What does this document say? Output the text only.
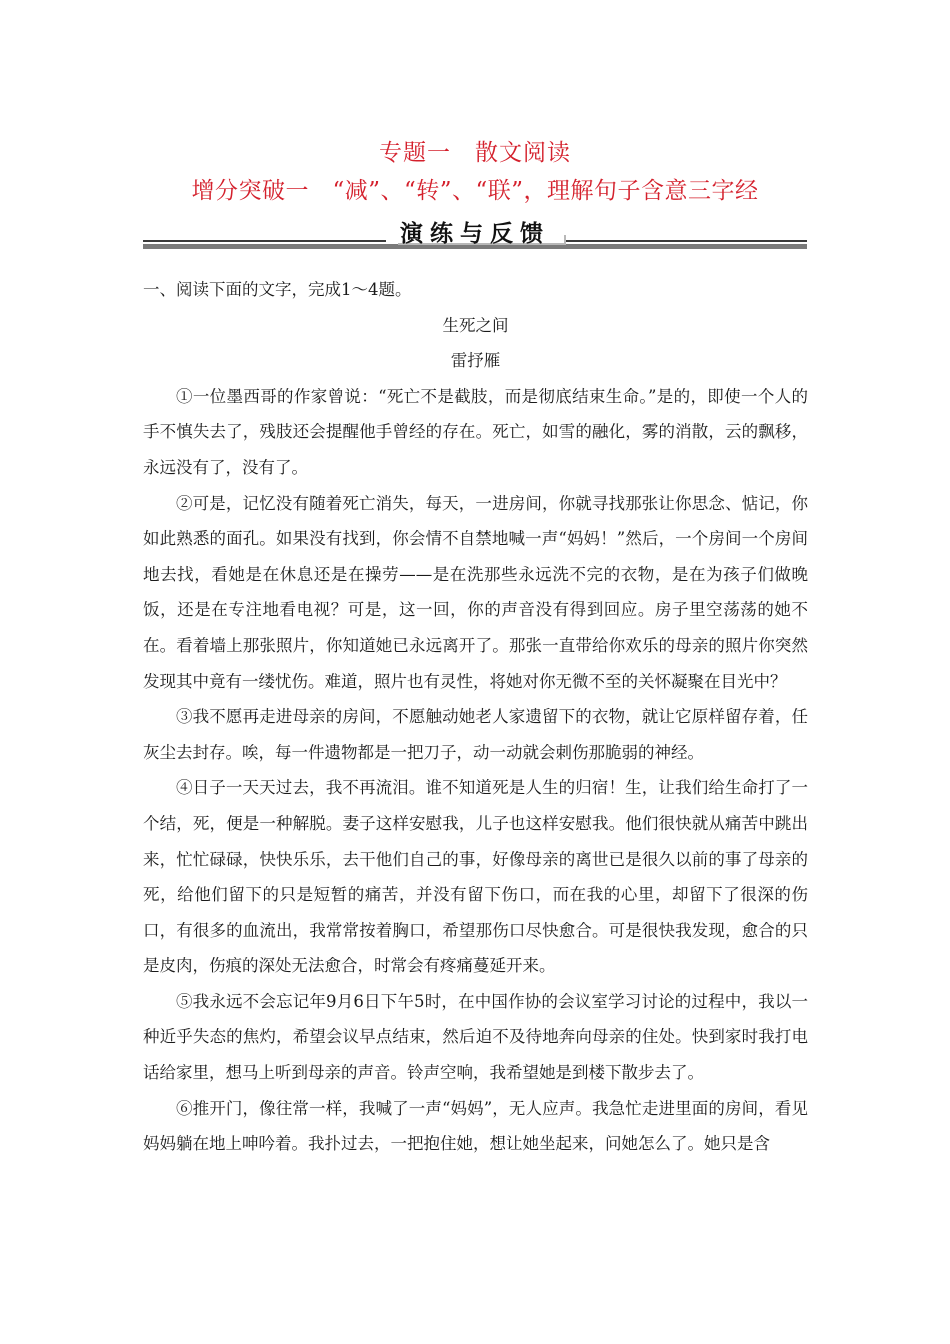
专题一　散文阅读
增分突破一　“减”、“转”、“联”，理解句子含意三字经
演练与反馈

一、阅读下面的文字，完成1～4题。

生死之间

雷抒雁

①一位墨西哥的作家曾说：“死亡不是截肢，而是彻底结束生命。”是的，即使一个人的手不慎失去了，残肢还会提醒他手曾经的存在。死亡，如雪的融化，雾的消散，云的飘移，永远没有了，没有了。

②可是，记忆没有随着死亡消失，每天，一进房间，你就寻找那张让你思念、惦记，你如此熟悉的面孔。如果没有找到，你会情不自禁地喊一声“妈妈！”然后，一个房间一个房间地去找，看她是在休息还是在操劳——是在洗那些永远洗不完的衣物，是在为孩子们做晚饭，还是在专注地看电视？可是，这一回，你的声音没有得到回应。房子里空荡荡的她不在。看着墙上那张照片，你知道她已永远离开了。那张一直带给你欢乐的母亲的照片你突然发现其中竟有一缕忧伤。难道，照片也有灵性，将她对你无微不至的关怀凝聚在目光中？

③我不愿再走进母亲的房间，不愿触动她老人家遗留下的衣物，就让它原样留存着，任灰尘去封存。唉，每一件遗物都是一把刀子，动一动就会刺伤那脆弱的神经。

④日子一天天过去，我不再流泪。谁不知道死是人生的归宿！生，让我们给生命打了一个结，死，便是一种解脱。妻子这样安慰我，儿子也这样安慰我。他们很快就从痛苦中跳出来，忙忙碌碌，快快乐乐，去干他们自己的事，好像母亲的离世已是很久以前的事了母亲的死，给他们留下的只是短暂的痛苦，并没有留下伤口，而在我的心里，却留下了很深的伤口，有很多的血流出，我常常按着胸口，希望那伤口尽快愈合。可是很快我发现，愈合的只是皮肉，伤痕的深处无法愈合，时常会有疼痛蔓延开来。

⑤我永远不会忘记年9月6日下午5时，在中国作协的会议室学习讨论的过程中，我以一种近乎失态的焦灼，希望会议早点结束，然后迫不及待地奔向母亲的住处。快到家时我打电话给家里，想马上听到母亲的声音。铃声空响，我希望她是到楼下散步去了。

⑥推开门，像往常一样，我喊了一声“妈妈”，无人应声。我急忙走进里面的房间，看见妈妈躺在地上呻吟着。我扑过去，一把抱住她，想让她坐起来，问她怎么了。她只是含
